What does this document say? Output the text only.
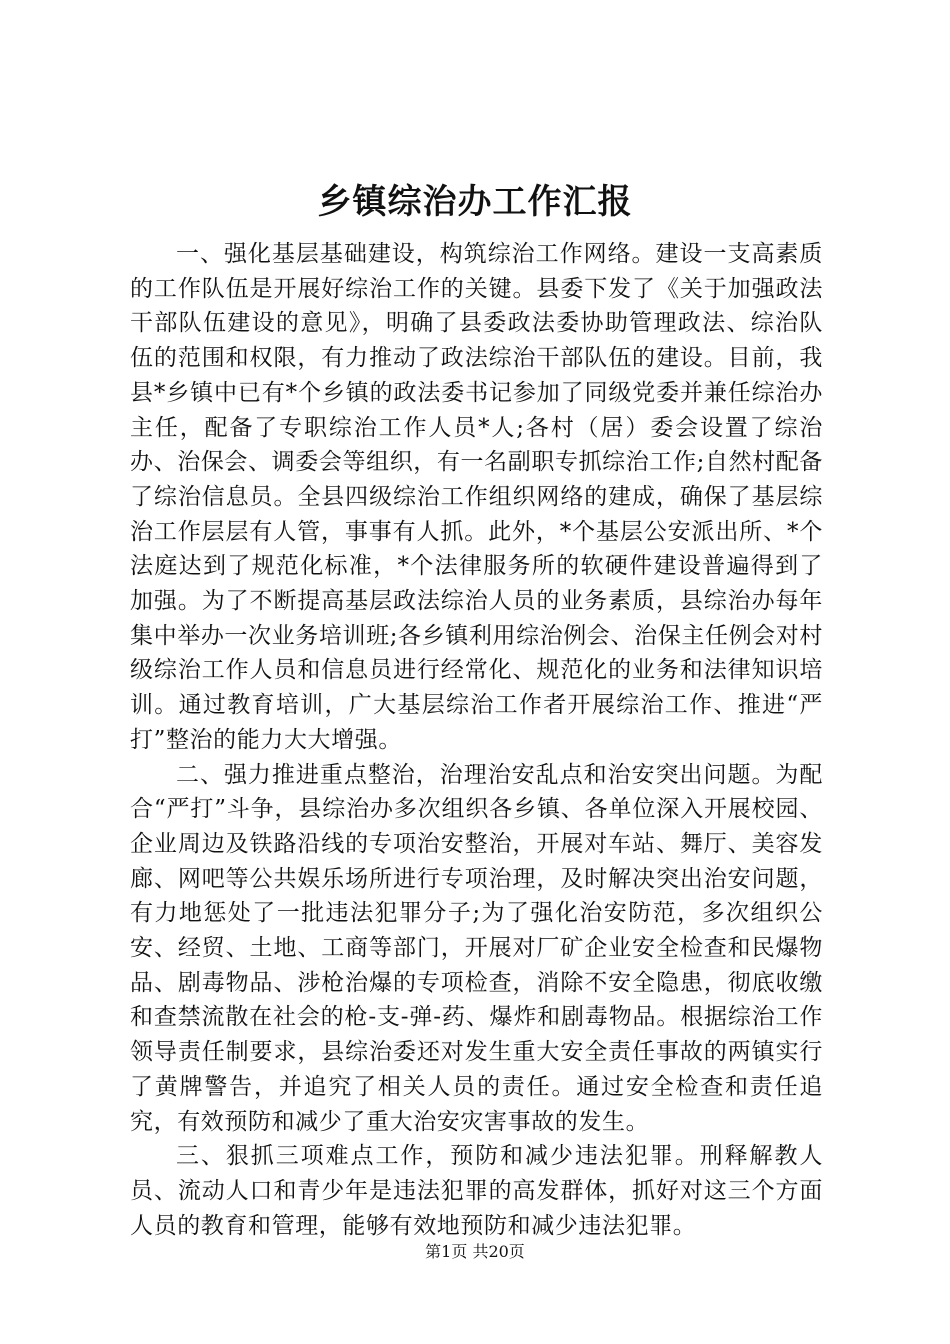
乡镇综治办工作汇报

一、强化基层基础建设，构筑综治工作网络。建设一支高素质的工作队伍是开展好综治工作的关键。县委下发了《关于加强政法干部队伍建设的意见》，明确了县委政法委协助管理政法、综治队伍的范围和权限，有力推动了政法综治干部队伍的建设。目前，我县*乡镇中已有*个乡镇的政法委书记参加了同级党委并兼任综治办主任，配备了专职综治工作人员*人;各村（居）委会设置了综治办、治保会、调委会等组织，有一名副职专抓综治工作;自然村配备了综治信息员。全县四级综治工作组织网络的建成，确保了基层综治工作层层有人管，事事有人抓。此外，*个基层公安派出所、*个法庭达到了规范化标准，*个法律服务所的软硬件建设普遍得到了加强。为了不断提高基层政法综治人员的业务素质，县综治办每年集中举办一次业务培训班;各乡镇利用综治例会、治保主任例会对村级综治工作人员和信息员进行经常化、规范化的业务和法律知识培训。通过教育培训，广大基层综治工作者开展综治工作、推进“严打”整治的能力大大增强。

二、强力推进重点整治，治理治安乱点和治安突出问题。为配合“严打”斗争，县综治办多次组织各乡镇、各单位深入开展校园、企业周边及铁路沿线的专项治安整治，开展对车站、舞厅、美容发廊、网吧等公共娱乐场所进行专项治理，及时解决突出治安问题，有力地惩处了一批违法犯罪分子;为了强化治安防范，多次组织公安、经贸、土地、工商等部门，开展对厂矿企业安全检查和民爆物品、剧毒物品、涉枪治爆的专项检查，消除不安全隐患，彻底收缴和查禁流散在社会的枪-支-弹-药、爆炸和剧毒物品。根据综治工作领导责任制要求，县综治委还对发生重大安全责任事故的两镇实行了黄牌警告，并追究了相关人员的责任。通过安全检查和责任追究，有效预防和减少了重大治安灾害事故的发生。

三、狠抓三项难点工作，预防和减少违法犯罪。刑释解教人员、流动人口和青少年是违法犯罪的高发群体，抓好对这三个方面人员的教育和管理，能够有效地预防和减少违法犯罪。

第1页 共20页
